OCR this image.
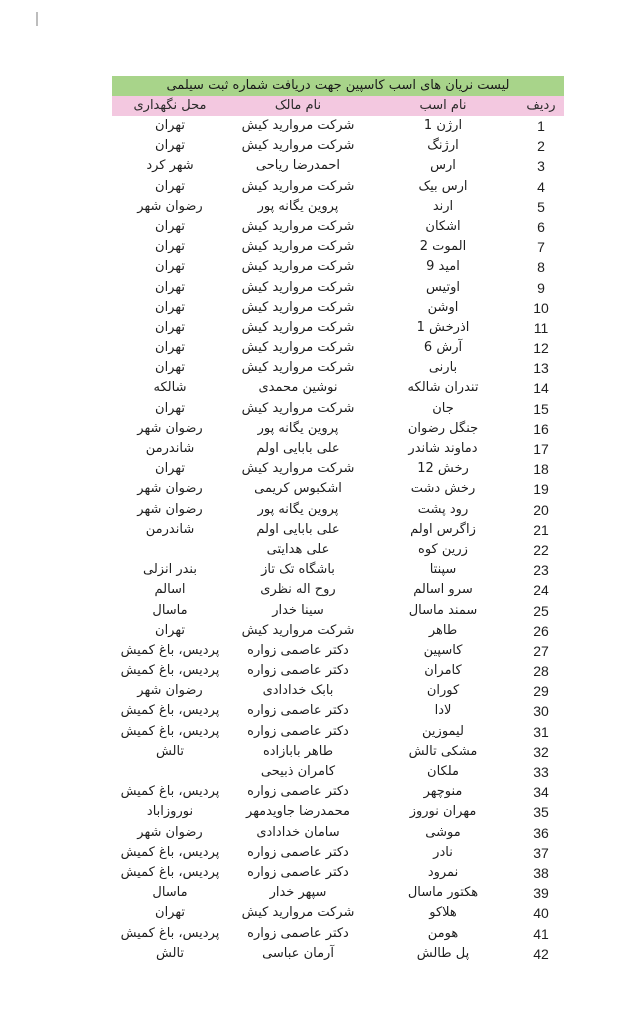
لیست نریان های اسب کاسپین جهت دریافت شماره ثبت سیلمی
ردیف
نام اسب
نام مالک
محل نگهداری
1
ارژن 1
شرکت مروارید کیش
تهران
2
ارژنگ
شرکت مروارید کیش
تهران
3
ارس
احمدرضا ریاحی
شهر کرد
4
ارس بیک
شرکت مروارید کیش
تهران
5
ارند
پروین یگانه پور
رضوان شهر
6
اشکان
شرکت مروارید کیش
تهران
7
الموت 2
شرکت مروارید کیش
تهران
8
امید 9
شرکت مروارید کیش
تهران
9
اوتیس
شرکت مروارید کیش
تهران
10
اوشن
شرکت مروارید کیش
تهران
11
اذرخش 1
شرکت مروارید کیش
تهران
12
آرش 6
شرکت مروارید کیش
تهران
13
بارنی
شرکت مروارید کیش
تهران
14
تندران شالکه
نوشین محمدی
شالکه
15
جان
شرکت مروارید کیش
تهران
16
جنگل رضوان
پروین یگانه پور
رضوان شهر
17
دماوند شاندر
علی بابایی اولم
شاندرمن
18
رخش 12
شرکت مروارید کیش
تهران
19
رخش دشت
اشکبوس کریمی
رضوان شهر
20
رود پشت
پروین یگانه پور
رضوان شهر
21
زاگرس اولم
علی بابایی اولم
شاندرمن
22
زرین کوه
علی هدایتی
23
سپنتا
باشگاه تک تاز
بندر انزلی
24
سرو اسالم
روح اله نظری
اسالم
25
سمند ماسال
سینا خدار
ماسال
26
طاهر
شرکت مروارید کیش
تهران
27
کاسپین
دکتر عاصمی زواره
پردیس، باغ کمیش
28
کامران
دکتر عاصمی زواره
پردیس، باغ کمیش
29
کوران
بابک خدادادی
رضوان شهر
30
لادا
دکتر عاصمی زواره
پردیس، باغ کمیش
31
لیموزین
دکتر عاصمی زواره
پردیس، باغ کمیش
32
مشکی تالش
طاهر بابازاده
تالش
33
ملکان
کامران ذبیحی
34
منوچهر
دکتر عاصمی زواره
پردیس، باغ کمیش
35
مهران نوروز
محمدرضا جاویدمهر
نوروزاباد
36
موشی
سامان خدادادی
رضوان شهر
37
نادر
دکتر عاصمی زواره
پردیس، باغ کمیش
38
نمرود
دکتر عاصمی زواره
پردیس، باغ کمیش
39
هکتور ماسال
سپهر خدار
ماسال
40
هلاکو
شرکت مروارید کیش
تهران
41
هومن
دکتر عاصمی زواره
پردیس، باغ کمیش
42
پل طالش
آرمان عباسی
تالش
